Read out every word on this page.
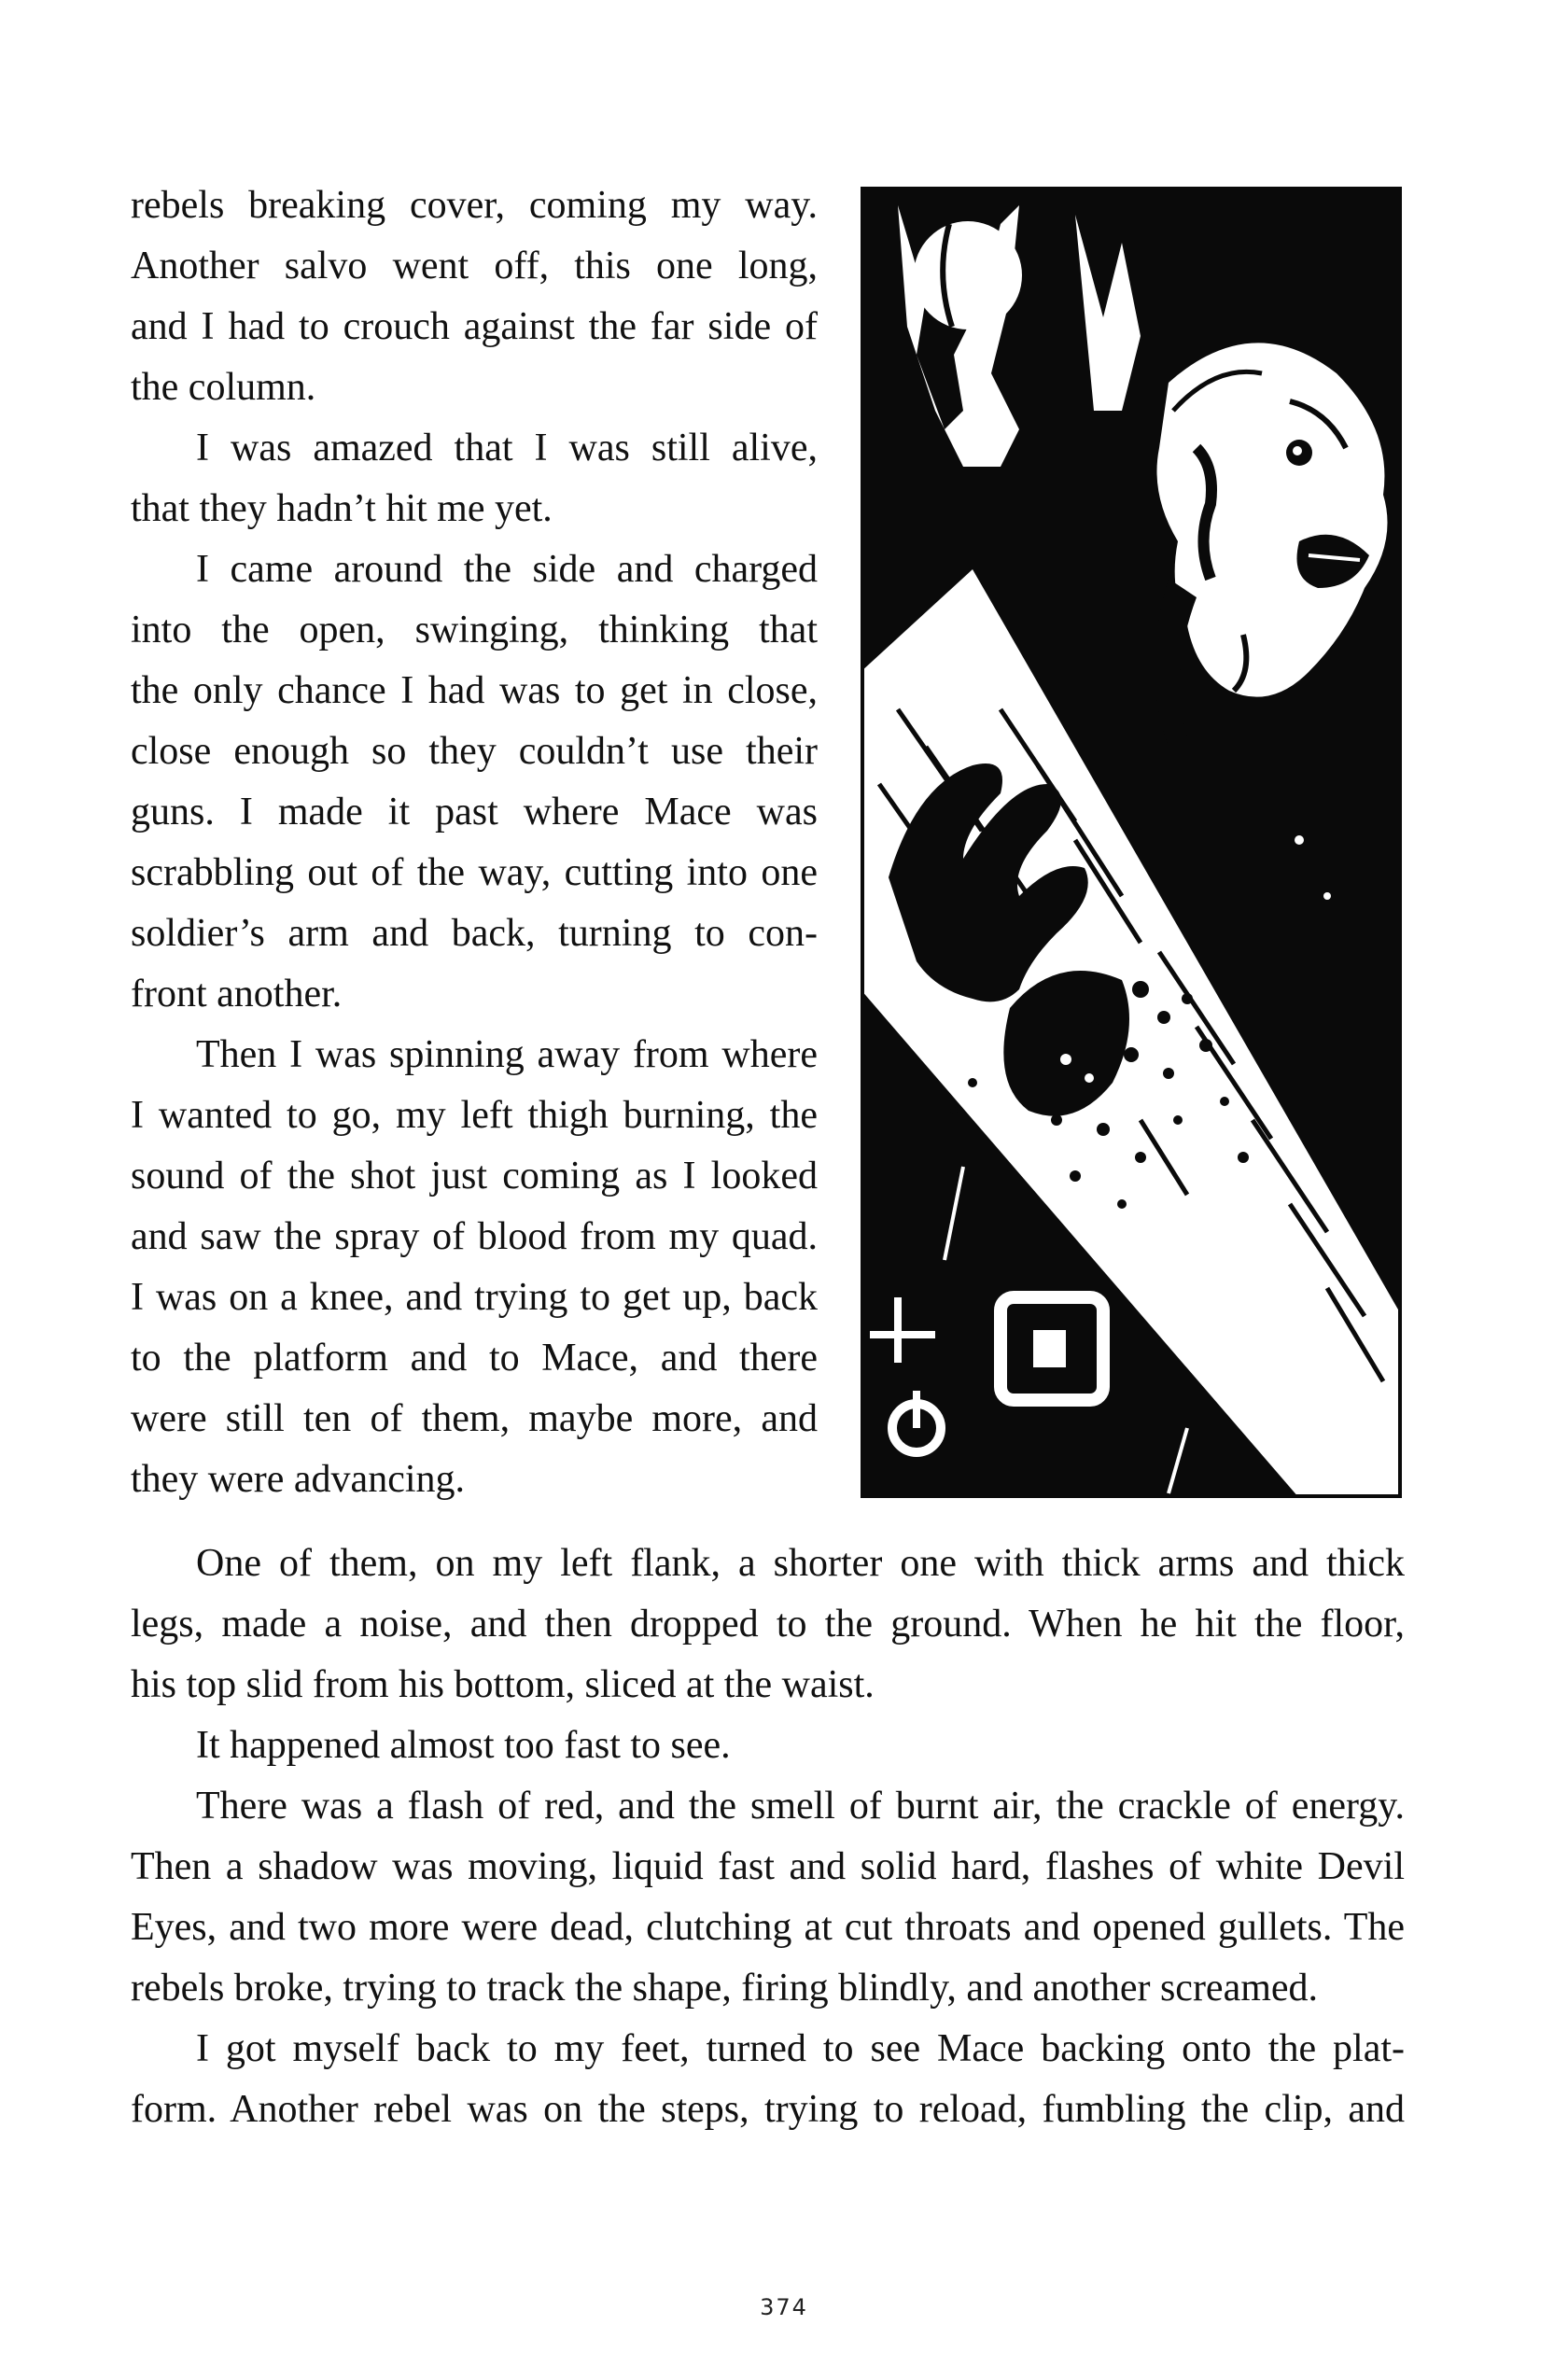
rebels breaking cover, coming my way.
Another salvo went off, this one long,
and I had to crouch against the far side of
the column.
I was amazed that I was still alive,
that they hadn’t hit me yet.
I came around the side and charged
into the open, swinging, thinking that
the only chance I had was to get in close,
close enough so they couldn’t use their
guns. I made it past where Mace was
scrabbling out of the way, cutting into one
soldier’s arm and back, turning to con-
front another.
Then I was spinning away from where
I wanted to go, my left thigh burning, the
sound of the shot just coming as I looked
and saw the spray of blood from my quad.
I was on a knee, and trying to get up, back
to the platform and to Mace, and there
were still ten of them, maybe more, and
they were advancing.
One of them, on my left flank, a shorter one with thick arms and thick
legs, made a noise, and then dropped to the ground. When he hit the floor,
his top slid from his bottom, sliced at the waist.
It happened almost too fast to see.
There was a flash of red, and the smell of burnt air, the crackle of energy.
Then a shadow was moving, liquid fast and solid hard, flashes of white Devil
Eyes, and two more were dead, clutching at cut throats and opened gullets. The
rebels broke, trying to track the shape, firing blindly, and another screamed.
I got myself back to my feet, turned to see Mace backing onto the plat-
form. Another rebel was on the steps, trying to reload, fumbling the clip, and
374
